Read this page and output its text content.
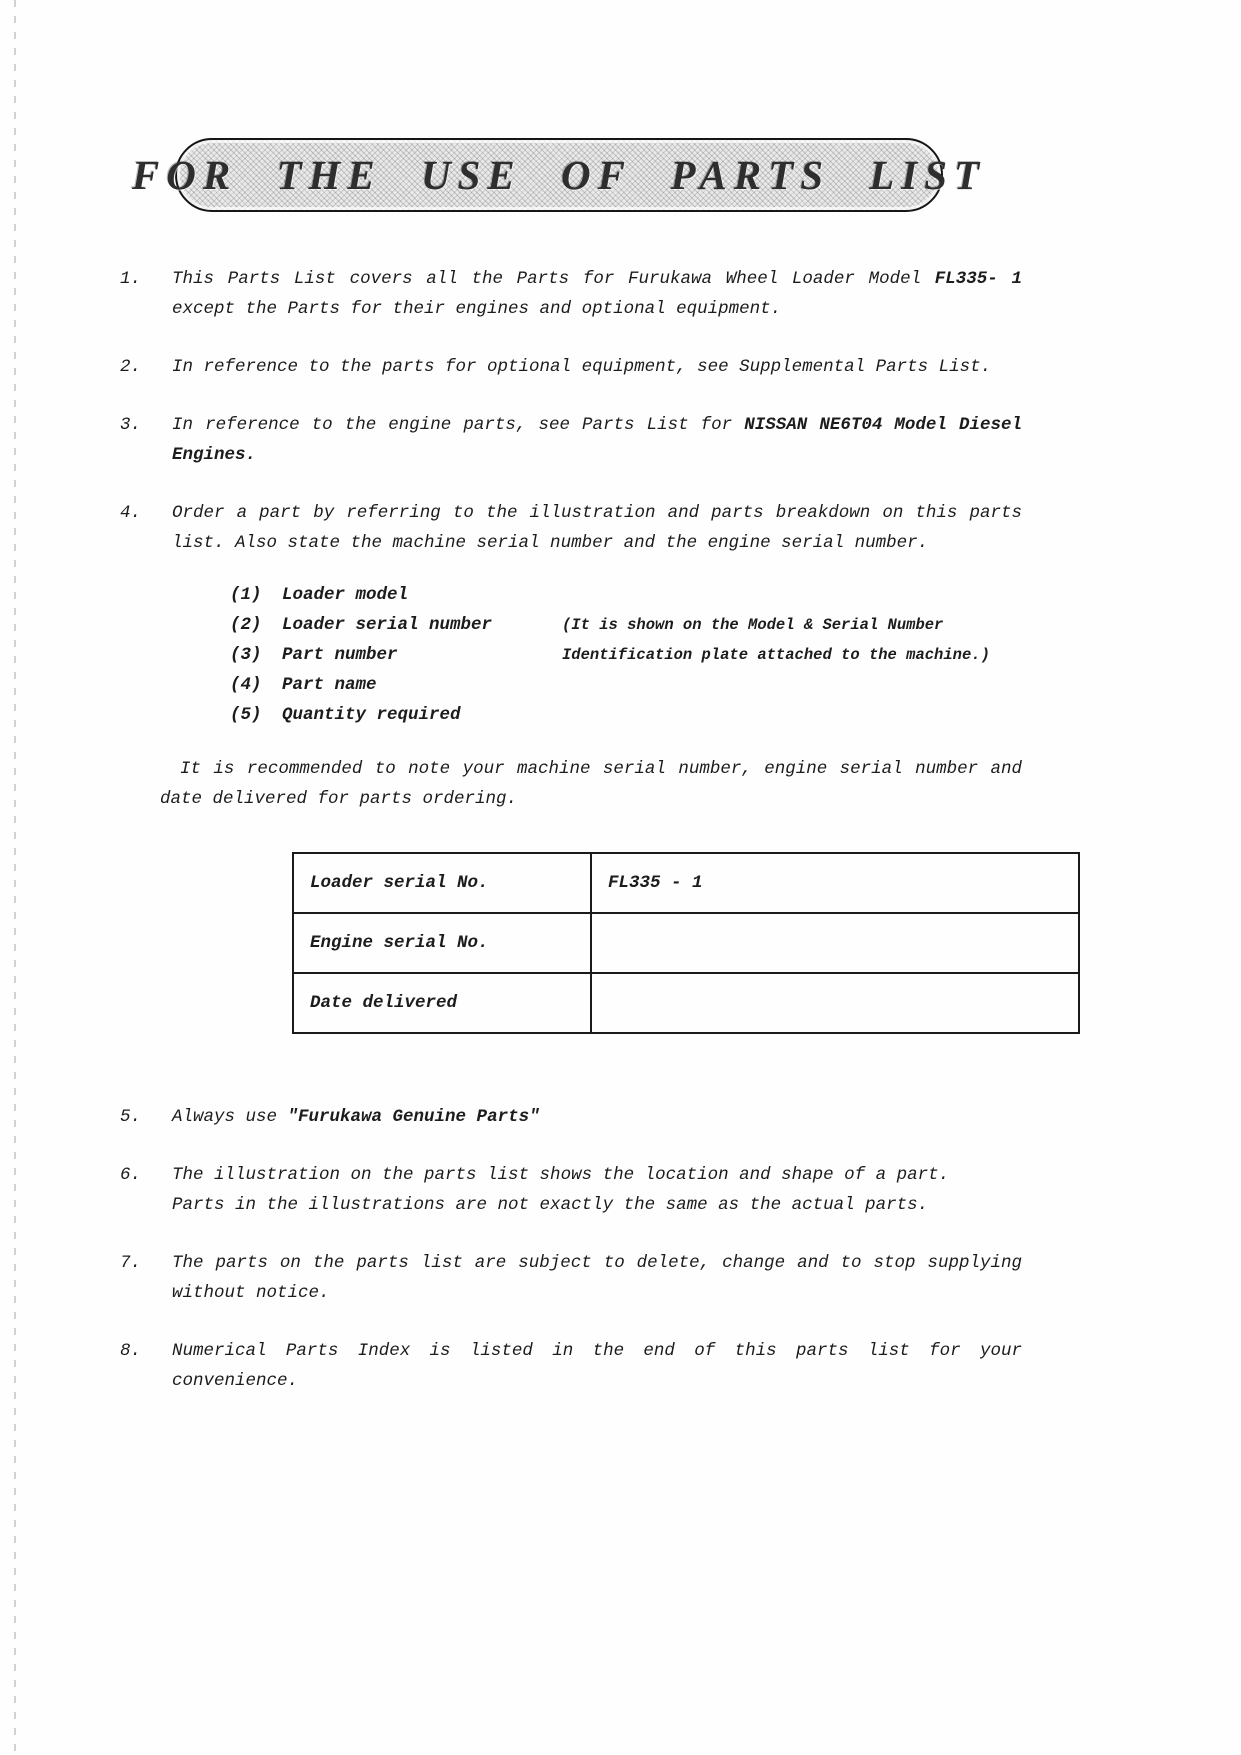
FOR THE USE OF PARTS LIST
1.	This Parts List covers all the Parts for Furukawa Wheel Loader Model FL335- 1 except the Parts for their engines and optional equipment.

2.	In reference to the parts for optional equipment, see Supplemental Parts List.

3.	In reference to the engine parts, see Parts List for NISSAN NE6T04 Model Diesel Engines.

4.	Order a part by referring to the illustration and parts breakdown on this parts list. Also state the machine serial number and the engine serial number.

(1)	Loader model
(2)	Loader serial number	(It is shown on the Model & Serial Number
(3)	Part number	Identification plate attached to the machine.)
(4)	Part name
(5)	Quantity required

It is recommended to note your machine serial number, engine serial number and date delivered for parts ordering.

Loader serial No.	FL335 - 1
Engine serial No.	
Date delivered	
5.	Always use "Furukawa Genuine Parts"

6.	The illustration on the parts list shows the location and shape of a part.

Parts in the illustrations are not exactly the same as the actual parts.

7.	The parts on the parts list are subject to delete, change and to stop supplying without notice.

8.	Numerical Parts Index is listed in the end of this parts list for your convenience.
